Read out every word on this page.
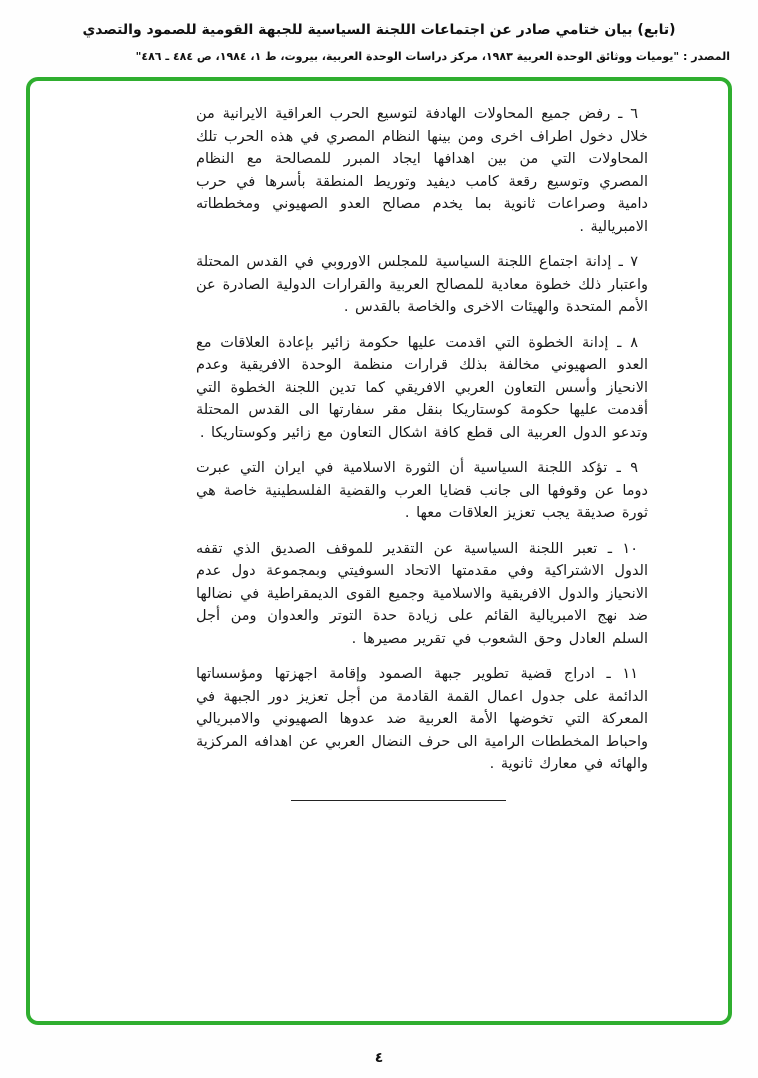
(تابع) بيان ختامي صادر عن اجتماعات اللجنة السياسية للجبهة القومية للصمود والتصدي
المصدر : "يوميات ووثائق الوحدة العربية ١٩٨٣، مركز دراسات الوحدة العربية، بيروت، ط ١، ١٩٨٤، ص ٤٨٤ ـ ٤٨٦"

٦ ـ رفض جميع المحاولات الهادفة لتوسيع الحرب العراقية الايرانية من خلال دخول اطراف اخرى ومن بينها النظام المصري في هذه الحرب تلك المحاولات التي من بين اهدافها ايجاد المبرر للمصالحة مع النظام المصري وتوسيع رقعة كامب ديفيد وتوريط المنطقة بأسرها في حرب دامية وصراعات ثانوية بما يخدم مصالح العدو الصهيوني ومخططاته الامبريالية .

٧ ـ إدانة اجتماع اللجنة السياسية للمجلس الاوروبي في القدس المحتلة واعتبار ذلك خطوة معادية للمصالح العربية والقرارات الدولية الصادرة عن الأمم المتحدة والهيئات الاخرى والخاصة بالقدس .

٨ ـ إدانة الخطوة التي اقدمت عليها حكومة زائير بإعادة العلاقات مع العدو الصهيوني مخالفة بذلك قرارات منظمة الوحدة الافريقية وعدم الانحياز وأسس التعاون العربي الافريقي كما تدين اللجنة الخطوة التي أقدمت عليها حكومة كوستاريكا بنقل مقر سفارتها الى القدس المحتلة وتدعو الدول العربية الى قطع كافة اشكال التعاون مع زائير وكوستاريكا .

٩ ـ تؤكد اللجنة السياسية أن الثورة الاسلامية في ايران التي عبرت دوما عن وقوفها الى جانب قضايا العرب والقضية الفلسطينية خاصة هي ثورة صديقة يجب تعزيز العلاقات معها .

١٠ ـ تعبر اللجنة السياسية عن التقدير للموقف الصديق الذي تقفه الدول الاشتراكية وفي مقدمتها الاتحاد السوفيتي وبمجموعة دول عدم الانحياز والدول الافريقية والاسلامية وجميع القوى الديمقراطية في نضالها ضد نهج الامبريالية القائم على زيادة حدة التوتر والعدوان ومن أجل السلم العادل وحق الشعوب في تقرير مصيرها .

١١ ـ ادراج قضية تطوير جبهة الصمود وإقامة اجهزتها ومؤسساتها الدائمة على جدول اعمال القمة القادمة من أجل تعزيز دور الجبهة في المعركة التي تخوضها الأمة العربية ضد عدوها الصهيوني والامبريالي واحباط المخططات الرامية الى حرف النضال العربي عن اهدافه المركزية والهائه في معارك ثانوية .

٤
